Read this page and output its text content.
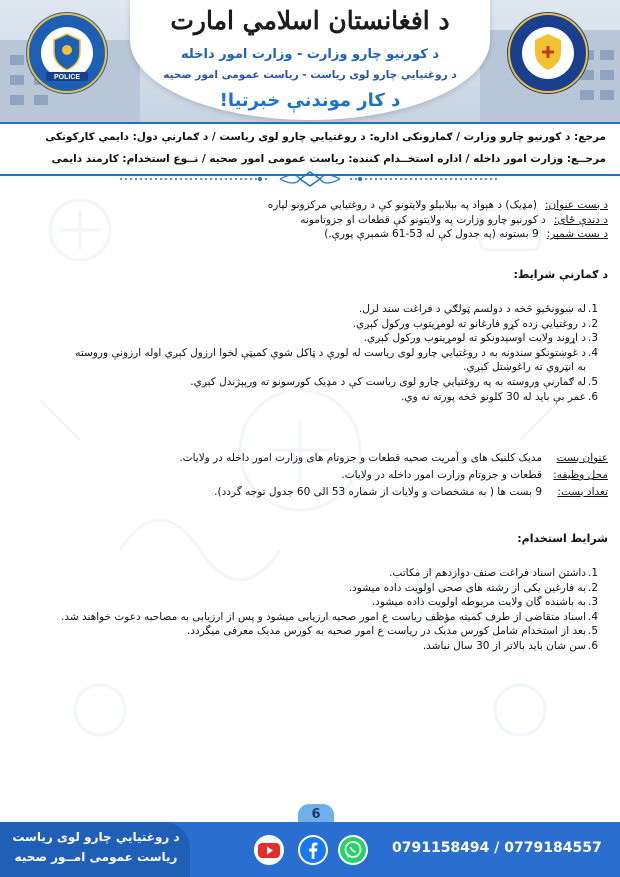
POLICE
د افغانستان اسلامي امارت
د کورنیو چارو وزارت - وزارت امور داخله
د روغتیایي چارو لوی ریاست - ریاست عمومی امور صحیه
د کار موندنې خبرتیا!
مرجع: د کورنیو چارو وزارت / ګمارونکی اداره: د روغتیایي چارو لوی ریاست / د ګمارنې دول: دایمي کارکونکی
مرجــع: وزارت امور داخله / اداره استخــدام کننده: ریاست عمومی امور صحیه / نــوع استخدام: کارمند دایمی
د بست عنوان:
(مډیک) د هېواد په بېلابېلو ولایتونو کې د روغتیایي مرکزونو لپاره
د دندې ځای:
د کورنیو چارو وزارت په ولایتونو کې قطعات او جزوتامونه
د بست شمېر:
9 بستونه (په جدول کې له 53-61 شمېرې پورې.)
د ګمارنې شرایط:
1.
له ښوونځیو څخه د دولسم ټولګي د فراغت سند لرل.
2.
د روغتیایي زده کړو فارغانو ته لومړیتوب ورکول کېږي.
3.
د اړوند ولایت اوسېدونکو ته لومړیتوب ورکول کېږي.
4.
د غوښتونکو سندونه به د روغتیایي چارو لوی ریاست له لورې د ټاکل شوې کمیټې لخوا ارزول کېږي اوله ارزونې وروسته
به انټروي ته راغوښتل کېږي.
5.
له ګمارنې وروسته به په روغتیایي چارو لوی ریاست کې د مډیک کورسونو ته ورپېژندل کېږي.
6.
عمر بې باید له 30 کلونو څخه پورته نه وي.
عنوان بست
مدیک کلنیک های و آمریت صحیه قطعات و جزوتام های وزارت امور داخله در ولایات.
محل وظیفه:
قطعات و جزوتام وزارت امور داخله در ولایات.
تعداد بست:
9 بست ها ( به مشخصات و ولایات از شماره 53 الی 60 جدول توجه گردد).
شرایط استخدام:
1.
داشتن اسناد فراغت صنف دوازدهم از مکاتب.
2.
به فارغین یکی از رشته های صحی اولویت داده میشود.
3.
به باشنده گان ولایت مربوطه اولویت داده میشود.
4.
اسناد متقاضی از طرف کمیته مؤظف ریاست ع امور صحیه ارزیابی میشود و پس از ارزیابی به مصاحبه دعوت خواهند شد.
5.
بعد از استخدام شامل کورس مدیک در ریاست ع امور صحیه به کورس مدیک معرفی میگردد.
6.
سن شان باید بالاتر از 30 سال نباشد.
6
د روغتیایي چارو لوی ریاست
ریاست عمومی امــور صحیه
0791158494 / 0779184557
